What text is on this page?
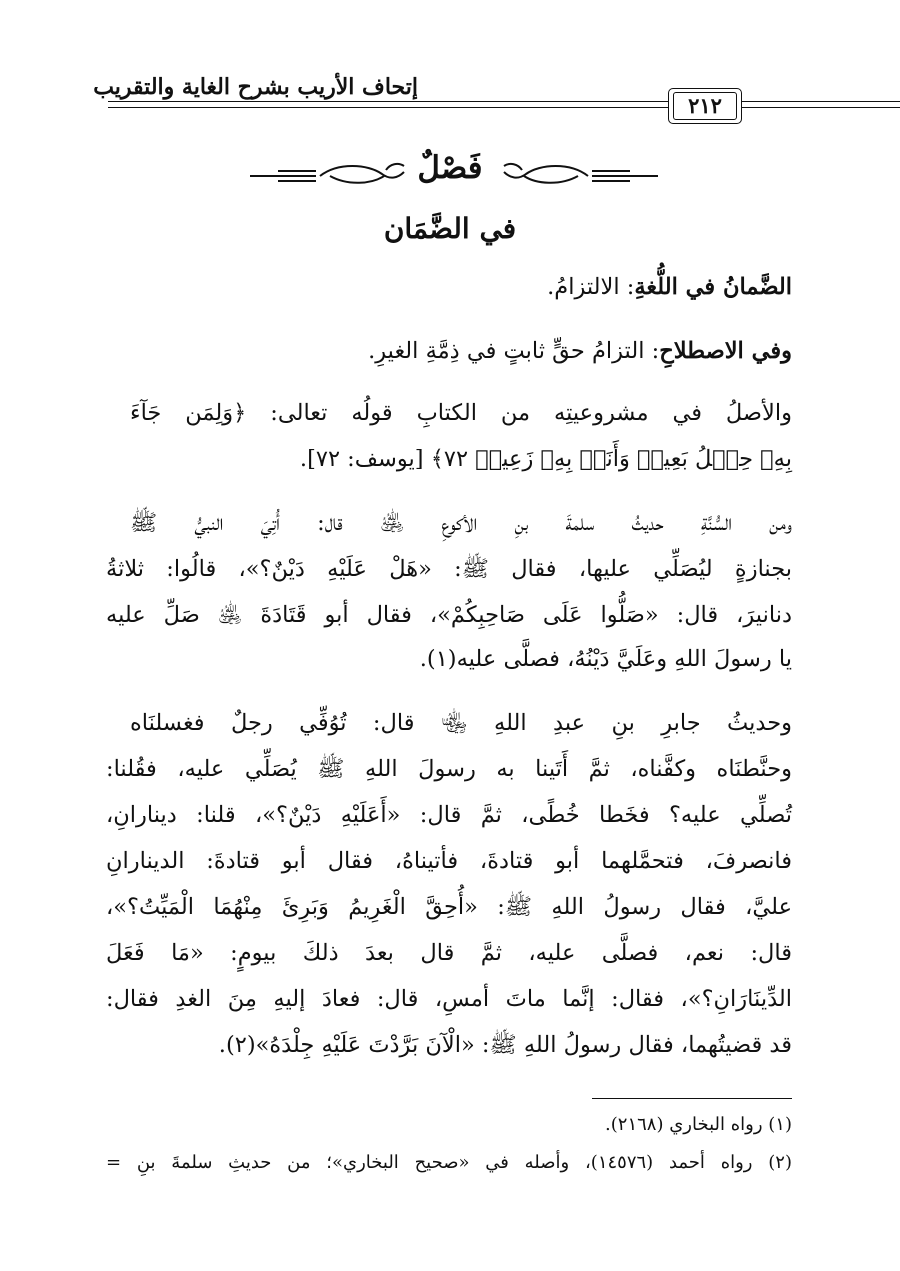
إتحاف الأريب بشرح الغاية والتقريب
٢١٢
فَصْلٌ
في الضَّمَان
الضَّمانُ في اللُّغةِ: الالتزامُ.
وفي الاصطلاحِ: التزامُ حقٍّ ثابتٍ في ذِمَّةِ الغيرِ.
والأصلُ في مشروعيتِه من الكتابِ قولُه تعالى: ﴿وَلِمَن جَآءَ
بِهِۦ حِمۡلُ بَعِيرٖ وَأَنَا۠ بِهِۦ زَعِيمٞ ٧٢﴾ [يوسف: ٧٢].
ومن السُّنَّةِ حديثُ سلمةَ بنِ الأكوعِ ﵁ قال: أُتِيَ النبيُّ ﷺ
بجنازةٍ ليُصَلِّي عليها، فقال ﷺ: «هَلْ عَلَيْهِ دَيْنٌ؟»، قالُوا: ثلاثةُ
دنانيرَ، قال: «صَلُّوا عَلَى صَاحِبِكُمْ»، فقال أبو قَتَادَةَ ﵁ صَلِّ عليه
يا رسولَ اللهِ وعَلَيَّ دَيْنُهُ، فصلَّى عليه(١).
وحديثُ جابرِ بنِ عبدِ اللهِ ﵄ قال: تُوُفِّي رجلٌ فغسلنَاه
وحنَّطنَاه وكفَّناه، ثمَّ أَتَينا به رسولَ اللهِ ﷺ يُصَلِّي عليه، فقُلنا:
تُصلِّي عليه؟ فخَطا خُطًى، ثمَّ قال: «أَعَلَيْهِ دَيْنٌ؟»، قلنا: دينارانِ،
فانصرفَ، فتحمَّلهما أبو قتادةَ، فأتيناهُ، فقال أبو قتادةَ: الدينارانِ
عليَّ، فقال رسولُ اللهِ ﷺ: «أُحِقَّ الْغَرِيمُ وَبَرِئَ مِنْهُمَا الْمَيِّتُ؟»،
قال: نعم، فصلَّى عليه، ثمَّ قال بعدَ ذلكَ بيومٍ: «مَا فَعَلَ
الدِّينَارَانِ؟»، فقال: إنَّما ماتَ أمسِ، قال: فعادَ إليهِ مِنَ الغدِ فقال:
قد قضيتُهما، فقال رسولُ اللهِ ﷺ: «الْآنَ بَرَّدْتَ عَلَيْهِ جِلْدَهُ»(٢).
(١) رواه البخاري (٢١٦٨).
(٢) رواه أحمد (١٤٥٧٦)، وأصله في «صحيح البخاري»؛ من حديثِ سلمةَ بنِ =
